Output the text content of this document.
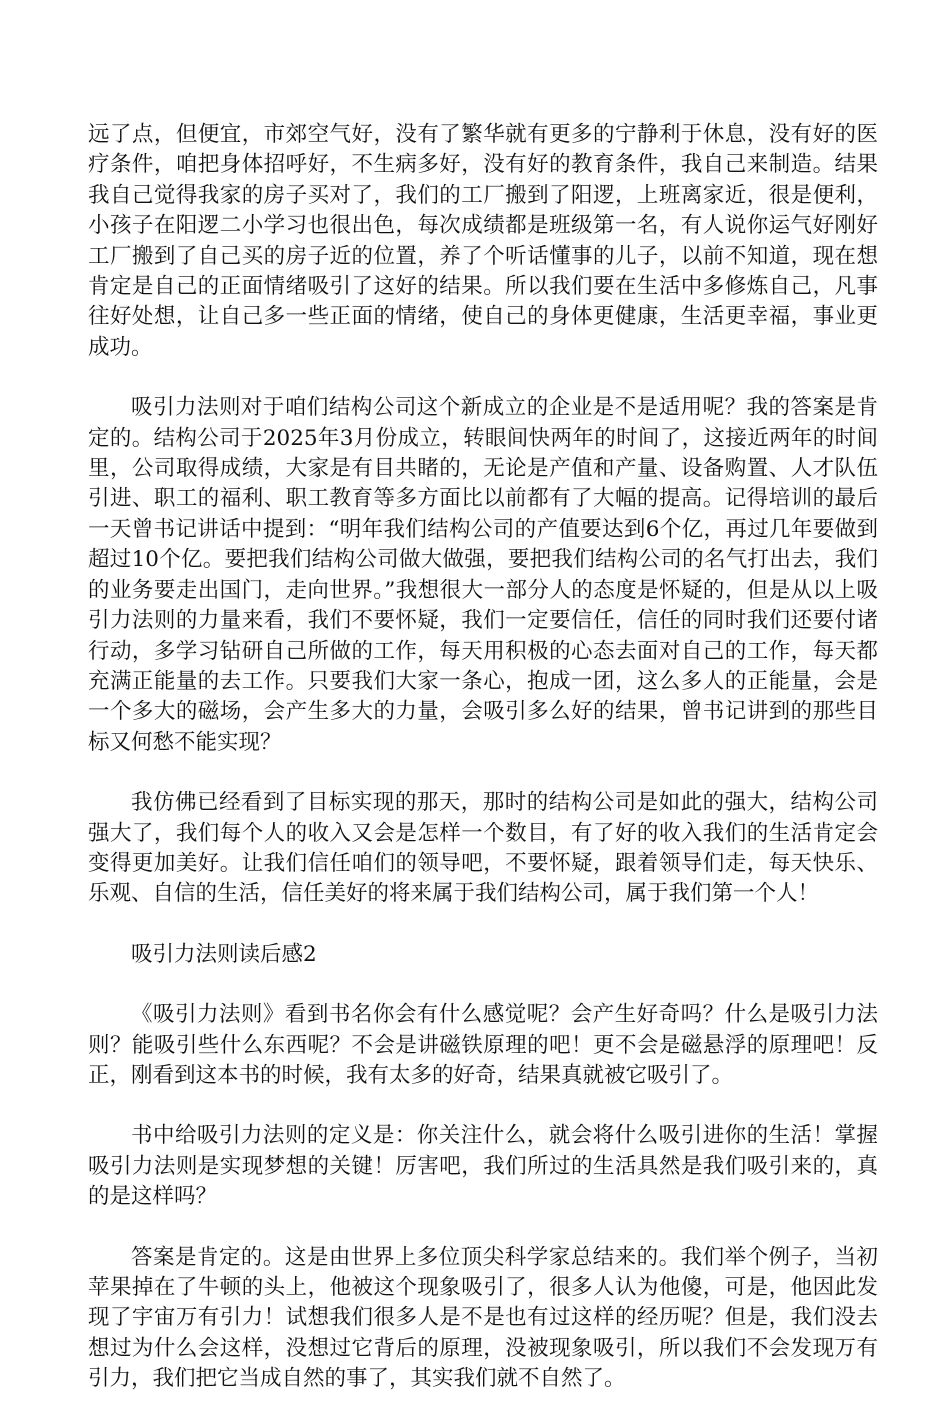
远了点，但便宜，市郊空气好，没有了繁华就有更多的宁静利于休息，没有好的医疗条件，咱把身体招呼好，不生病多好，没有好的教育条件，我自己来制造。结果我自己觉得我家的房子买对了，我们的工厂搬到了阳逻，上班离家近，很是便利，小孩子在阳逻二小学习也很出色，每次成绩都是班级第一名，有人说你运气好刚好工厂搬到了自己买的房子近的位置，养了个听话懂事的儿子，以前不知道，现在想肯定是自己的正面情绪吸引了这好的结果。所以我们要在生活中多修炼自己，凡事往好处想，让自己多一些正面的情绪，使自己的身体更健康，生活更幸福，事业更成功。

吸引力法则对于咱们结构公司这个新成立的企业是不是适用呢？我的答案是肯定的。结构公司于2025年3月份成立，转眼间快两年的时间了，这接近两年的时间里，公司取得成绩，大家是有目共睹的，无论是产值和产量、设备购置、人才队伍引进、职工的福利、职工教育等多方面比以前都有了大幅的提高。记得培训的最后一天曾书记讲话中提到：“明年我们结构公司的产值要达到6个亿，再过几年要做到超过10个亿。要把我们结构公司做大做强，要把我们结构公司的名气打出去，我们的业务要走出国门，走向世界。”我想很大一部分人的态度是怀疑的，但是从以上吸引力法则的力量来看，我们不要怀疑，我们一定要信任，信任的同时我们还要付诸行动，多学习钻研自己所做的工作，每天用积极的心态去面对自己的工作，每天都充满正能量的去工作。只要我们大家一条心，抱成一团，这么多人的正能量，会是一个多大的磁场，会产生多大的力量，会吸引多么好的结果，曾书记讲到的那些目标又何愁不能实现？

我仿佛已经看到了目标实现的那天，那时的结构公司是如此的强大，结构公司强大了，我们每个人的收入又会是怎样一个数目，有了好的收入我们的生活肯定会变得更加美好。让我们信任咱们的领导吧，不要怀疑，跟着领导们走，每天快乐、乐观、自信的生活，信任美好的将来属于我们结构公司，属于我们第一个人！

吸引力法则读后感2

《吸引力法则》看到书名你会有什么感觉呢？会产生好奇吗？什么是吸引力法则？能吸引些什么东西呢？不会是讲磁铁原理的吧！更不会是磁悬浮的原理吧！反正，刚看到这本书的时候，我有太多的好奇，结果真就被它吸引了。

书中给吸引力法则的定义是：你关注什么，就会将什么吸引进你的生活！掌握吸引力法则是实现梦想的关键！厉害吧，我们所过的生活具然是我们吸引来的，真的是这样吗？

答案是肯定的。这是由世界上多位顶尖科学家总结来的。我们举个例子，当初苹果掉在了牛顿的头上，他被这个现象吸引了，很多人认为他傻，可是，他因此发现了宇宙万有引力！试想我们很多人是不是也有过这样的经历呢？但是，我们没去想过为什么会这样，没想过它背后的原理，没被现象吸引，所以我们不会发现万有引力，我们把它当成自然的事了，其实我们就不自然了。
